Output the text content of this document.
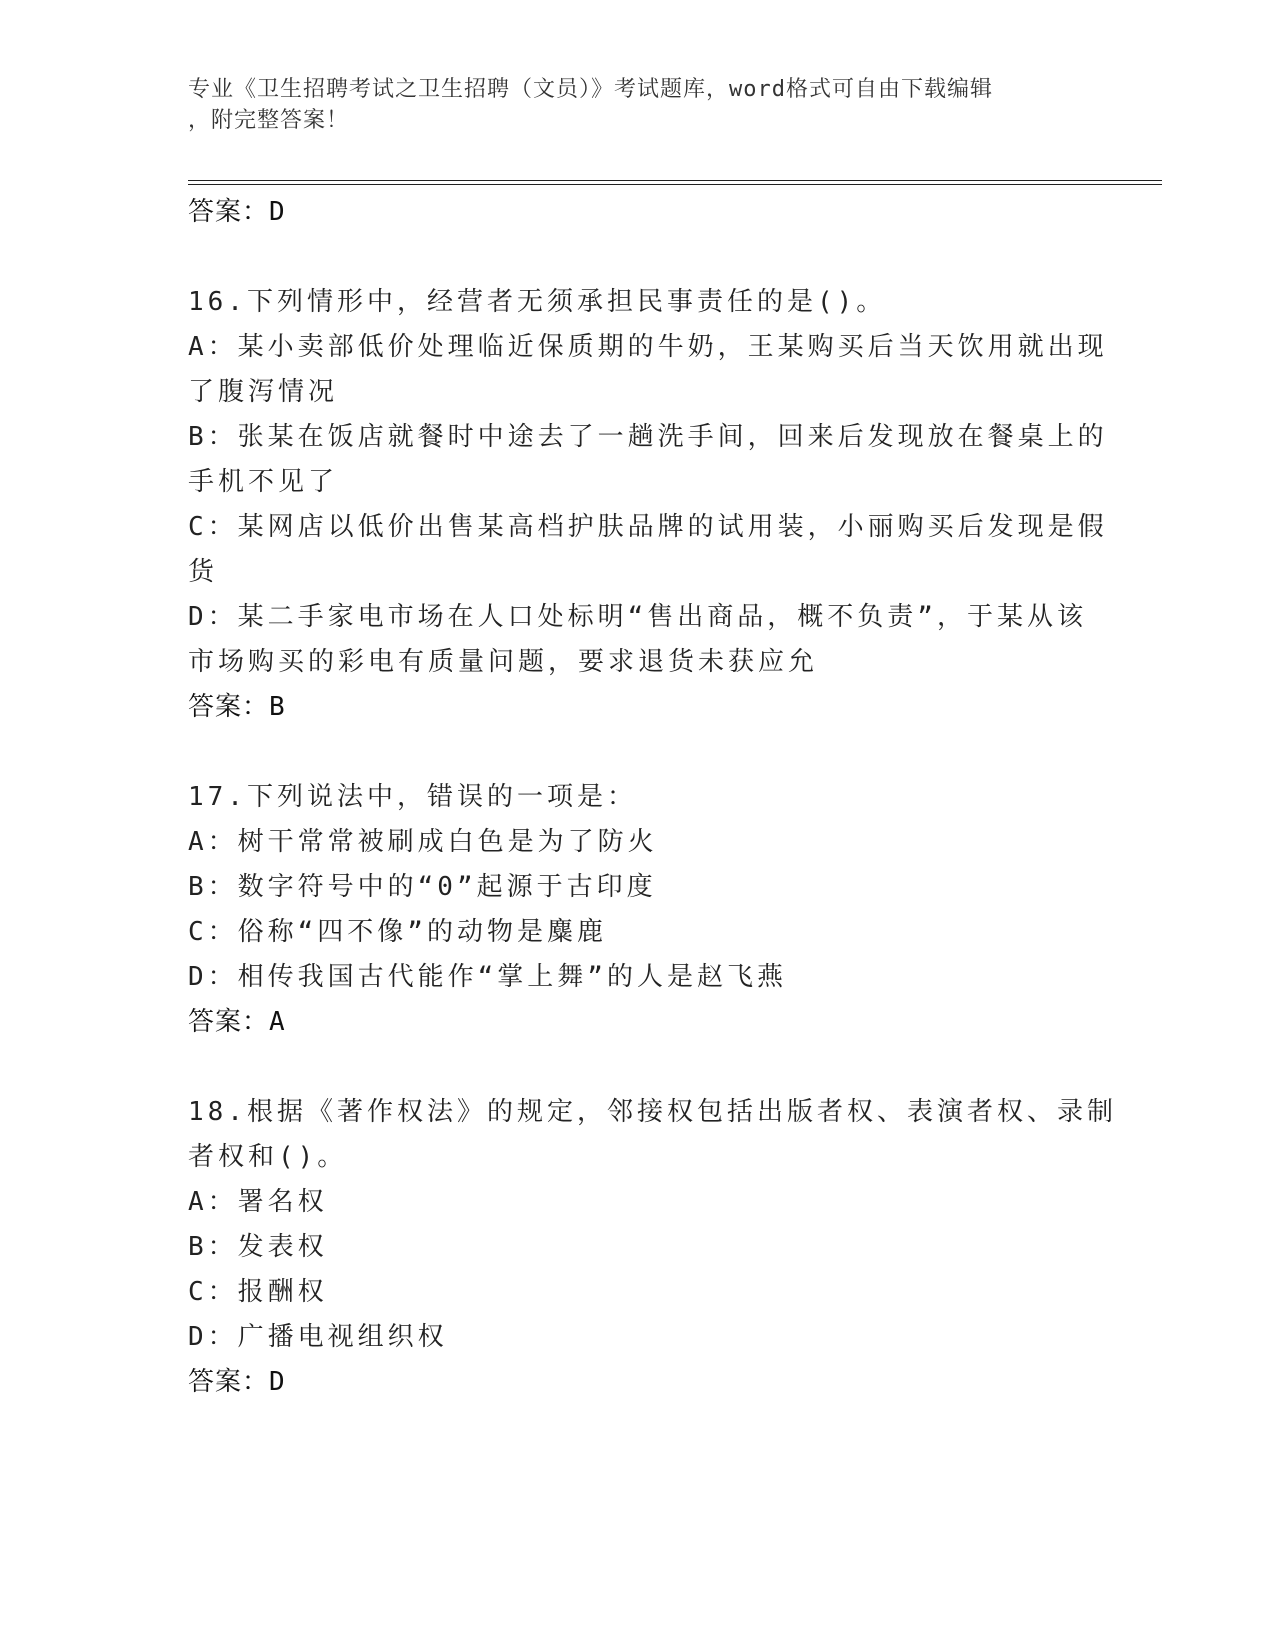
专业《卫生招聘考试之卫生招聘（文员）》考试题库，word格式可自由下载编辑
，附完整答案！
答案：D
16.下列情形中，经营者无须承担民事责任的是()。
A：某小卖部低价处理临近保质期的牛奶，王某购买后当天饮用就出现
了腹泻情况
B：张某在饭店就餐时中途去了一趟洗手间，回来后发现放在餐桌上的
手机不见了
C：某网店以低价出售某高档护肤品牌的试用装，小丽购买后发现是假
货
D：某二手家电市场在人口处标明“售出商品，概不负责”，于某从该
市场购买的彩电有质量问题，要求退货未获应允
答案：B
17.下列说法中，错误的一项是：
A：树干常常被刷成白色是为了防火
B：数字符号中的“0”起源于古印度
C：俗称“四不像”的动物是麋鹿
D：相传我国古代能作“掌上舞”的人是赵飞燕
答案：A
18.根据《著作权法》的规定，邻接权包括出版者权、表演者权、录制
者权和()。
A：署名权
B：发表权
C：报酬权
D：广播电视组织权
答案：D
